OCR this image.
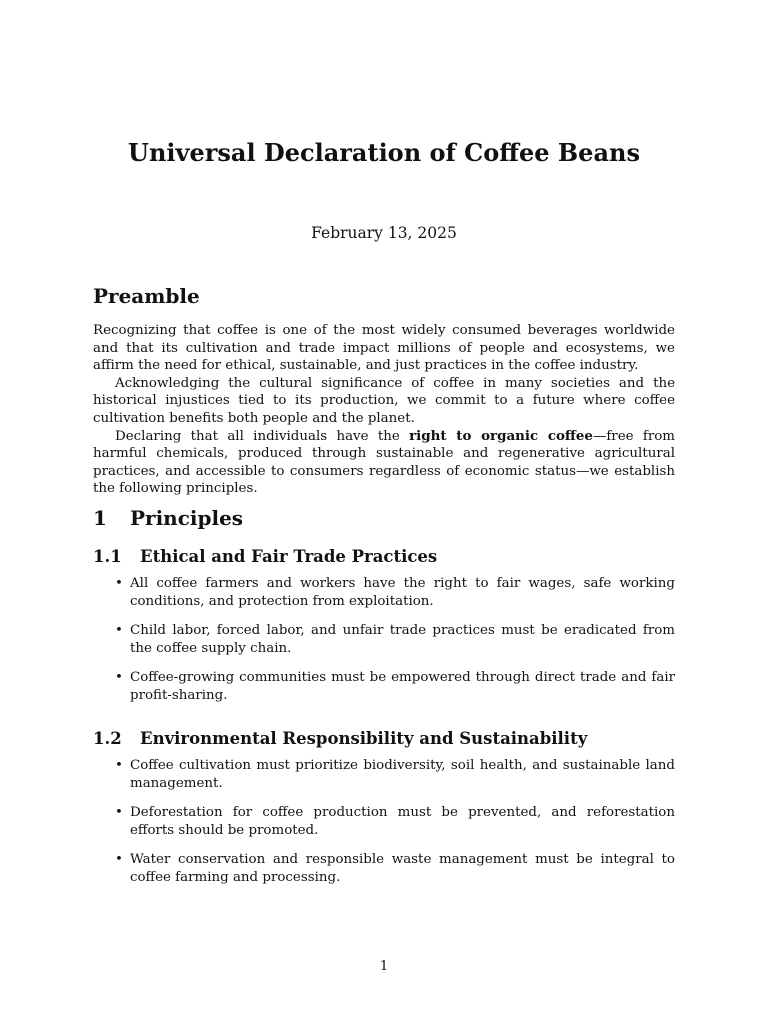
Universal Declaration of Coffee Beans
February 13, 2025
Preamble

Recognizing that coffee is one of the most widely consumed beverages worldwide and that its cultivation and trade impact millions of people and ecosystems, we affirm the need for ethical, sustainable, and just practices in the coffee industry.

Acknowledging the cultural significance of coffee in many societies and the historical injustices tied to its production, we commit to a future where coffee cultivation benefits both people and the planet.

Declaring that all individuals have the right to organic coffee—free from harmful chemicals, produced through sustainable and regenerative agricultural practices, and accessible to consumers regardless of economic status—we establish the following principles.

1 Principles
1.1 Ethical and Fair Trade Practices
• All coffee farmers and workers have the right to fair wages, safe working conditions, and protection from exploitation.
• Child labor, forced labor, and unfair trade practices must be eradicated from the coffee supply chain.
• Coffee-growing communities must be empowered through direct trade and fair profit-sharing.
1.2 Environmental Responsibility and Sustainability
• Coffee cultivation must prioritize biodiversity, soil health, and sustainable land management.
• Deforestation for coffee production must be prevented, and reforestation efforts should be promoted.
• Water conservation and responsible waste management must be integral to coffee farming and processing.
1
